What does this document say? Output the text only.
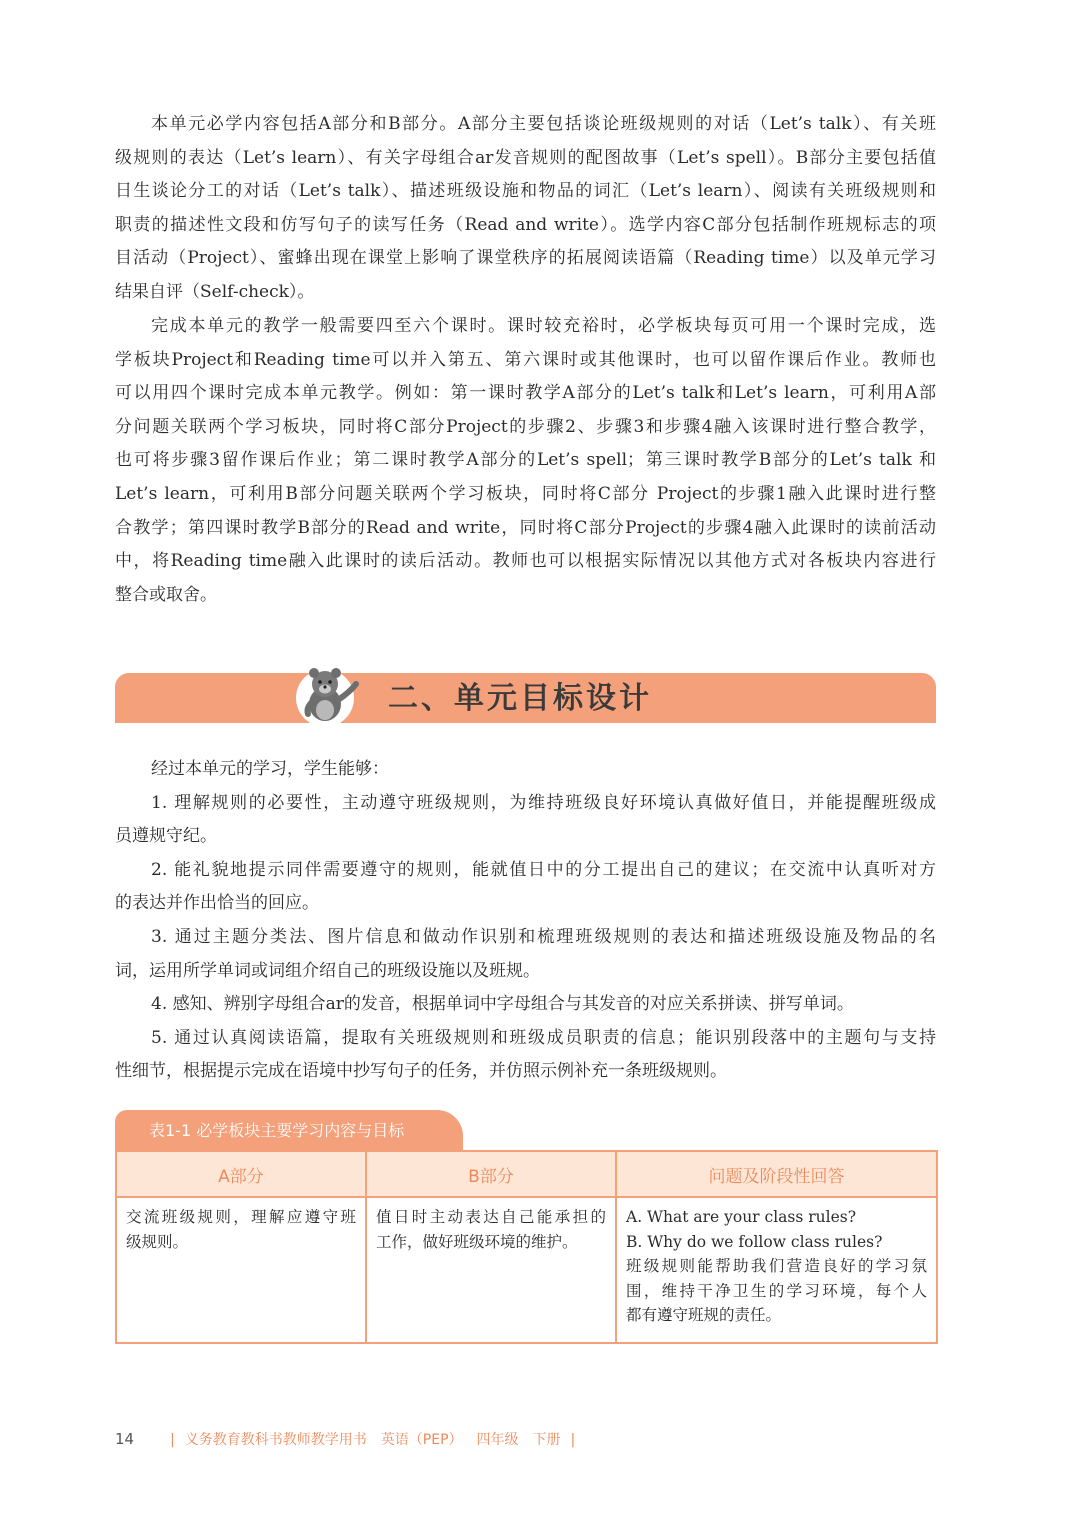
本单元必学内容包括A部分和B部分。A部分主要包括谈论班级规则的对话（Let’s talk）、有关班
级规则的表达（Let’s learn）、有关字母组合ar发音规则的配图故事（Let’s spell）。B部分主要包括值
日生谈论分工的对话（Let’s talk）、描述班级设施和物品的词汇（Let’s learn）、阅读有关班级规则和
职责的描述性文段和仿写句子的读写任务（Read and write）。选学内容C部分包括制作班规标志的项
目活动（Project）、蜜蜂出现在课堂上影响了课堂秩序的拓展阅读语篇（Reading time）以及单元学习
结果自评（Self-check）。
完成本单元的教学一般需要四至六个课时。课时较充裕时，必学板块每页可用一个课时完成，选
学板块Project和Reading time可以并入第五、第六课时或其他课时，也可以留作课后作业。教师也
可以用四个课时完成本单元教学。例如：第一课时教学A部分的Let’s talk和Let’s learn，可利用A部
分问题关联两个学习板块，同时将C部分Project的步骤2、步骤3和步骤4融入该课时进行整合教学，
也可将步骤3留作课后作业；第二课时教学A部分的Let’s spell；第三课时教学B部分的Let’s talk 和
Let’s learn，可利用B部分问题关联两个学习板块，同时将C部分 Project的步骤1融入此课时进行整
合教学；第四课时教学B部分的Read and write，同时将C部分Project的步骤4融入此课时的读前活动
中，将Reading time融入此课时的读后活动。教师也可以根据实际情况以其他方式对各板块内容进行
整合或取舍。
二、单元目标设计
经过本单元的学习，学生能够：
1. 理解规则的必要性，主动遵守班级规则，为维持班级良好环境认真做好值日，并能提醒班级成
员遵规守纪。
2. 能礼貌地提示同伴需要遵守的规则，能就值日中的分工提出自己的建议；在交流中认真听对方
的表达并作出恰当的回应。
3. 通过主题分类法、图片信息和做动作识别和梳理班级规则的表达和描述班级设施及物品的名
词，运用所学单词或词组介绍自己的班级设施以及班规。
4. 感知、辨别字母组合ar的发音，根据单词中字母组合与其发音的对应关系拼读、拼写单词。
5. 通过认真阅读语篇，提取有关班级规则和班级成员职责的信息；能识别段落中的主题句与支持
性细节，根据提示完成在语境中抄写句子的任务，并仿照示例补充一条班级规则。
表1-1 必学板块主要学习内容与目标
A部分	B部分	问题及阶段性回答

交流班级规则，理解应遵守班
级规则。	值日时主动表达自己能承担的
工作，做好班级环境的维护。	A. What are your class rules?
B. Why do we follow class rules?
班级规则能帮助我们营造良好的学习氛
围，维持干净卫生的学习环境，每个人
都有遵守班规的责任。
14	| 义务教育教科书教师教学用书 英语（PEP） 四年级 下册 |
